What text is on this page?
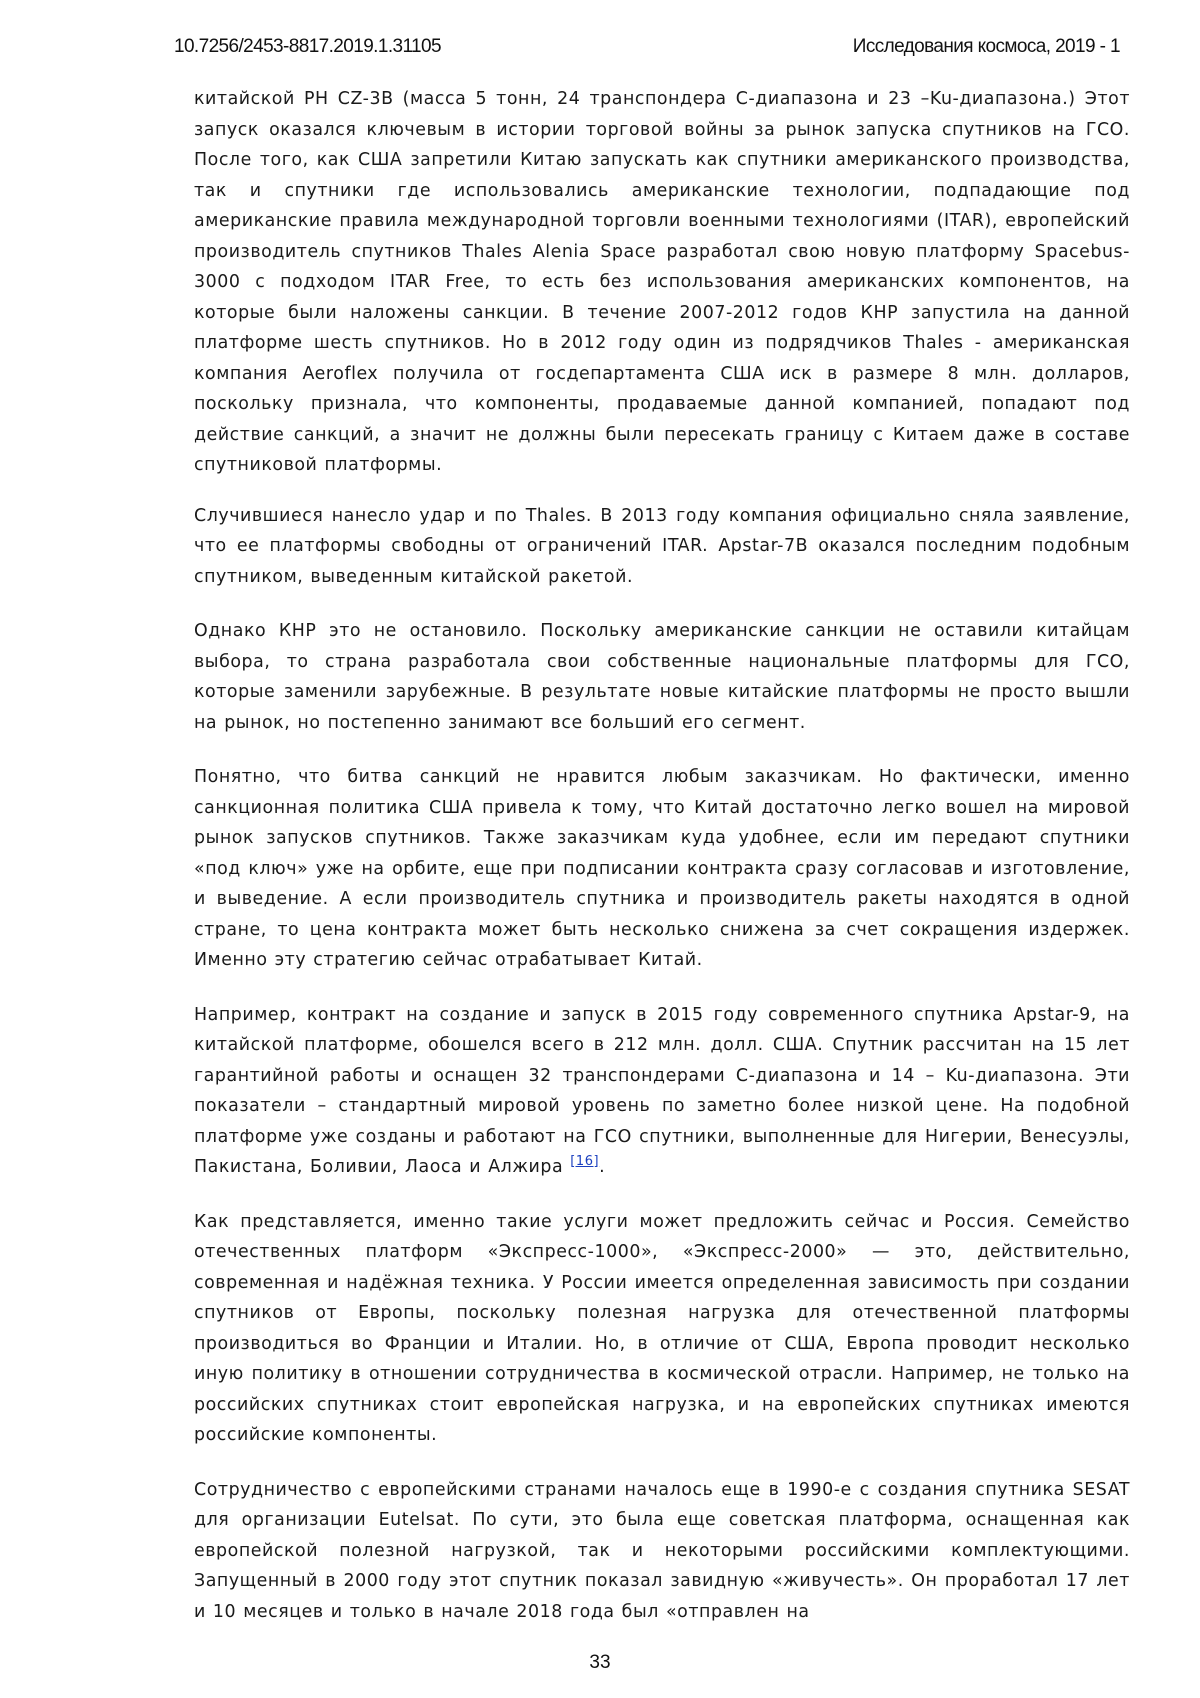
10.7256/2453-8817.2019.1.31105	Исследования космоса, 2019 - 1

китайской РН CZ-3B (масса 5 тонн, 24 транспондера C-диапазона и 23 –Ku-диапазона.) Этот запуск оказался ключевым в истории торговой войны за рынок запуска спутников на ГСО. После того, как США запретили Китаю запускать как спутники американского производства, так и спутники где использовались американские технологии, подпадающие под американские правила международной торговли военными технологиями (ITAR), европейский производитель спутников Thales Alenia Space разработал свою новую платформу Spacebus-3000 с подходом ITAR Free, то есть без использования американских компонентов, на которые были наложены санкции. В течение 2007-2012 годов КНР запустила на данной платформе шесть спутников. Но в 2012 году один из подрядчиков Thales - американская компания Aeroflex получила от госдепартамента США иск в размере 8 млн. долларов, поскольку признала, что компоненты, продаваемые данной компанией, попадают под действие санкций, а значит не должны были пересекать границу с Китаем даже в составе спутниковой платформы.

Случившиеся нанесло удар и по Thales. В 2013 году компания официально сняла заявление, что ее платформы свободны от ограничений ITAR. Apstar-7B оказался последним подобным спутником, выведенным китайской ракетой.

Однако КНР это не остановило. Поскольку американские санкции не оставили китайцам выбора, то страна разработала свои собственные национальные платформы для ГСО, которые заменили зарубежные. В результате новые китайские платформы не просто вышли на рынок, но постепенно занимают все больший его сегмент.

Понятно, что битва санкций не нравится любым заказчикам. Но фактически, именно санкционная политика США привела к тому, что Китай достаточно легко вошел на мировой рынок запусков спутников. Также заказчикам куда удобнее, если им передают спутники «под ключ» уже на орбите, еще при подписании контракта сразу согласовав и изготовление, и выведение. А если производитель спутника и производитель ракеты находятся в одной стране, то цена контракта может быть несколько снижена за счет сокращения издержек. Именно эту стратегию сейчас отрабатывает Китай.

Например, контракт на создание и запуск в 2015 году современного спутника Apstar-9, на китайской платформе, обошелся всего в 212 млн. долл. США. Спутник рассчитан на 15 лет гарантийной работы и оснащен 32 транспондерами C-диапазона и 14 – Ku-диапазона. Эти показатели – стандартный мировой уровень по заметно более низкой цене. На подобной платформе уже созданы и работают на ГСО спутники, выполненные для Нигерии, Венесуэлы, Пакистана, Боливии, Лаоса и Алжира [16].

Как представляется, именно такие услуги может предложить сейчас и Россия. Семейство отечественных платформ «Экспресс-1000», «Экспресс-2000» — это, действительно, современная и надёжная техника. У России имеется определенная зависимость при создании спутников от Европы, поскольку полезная нагрузка для отечественной платформы производиться во Франции и Италии. Но, в отличие от США, Европа проводит несколько иную политику в отношении сотрудничества в космической отрасли. Например, не только на российских спутниках стоит европейская нагрузка, и на европейских спутниках имеются российские компоненты.

Сотрудничество с европейскими странами началось еще в 1990-е с создания спутника SESAT для организации Eutelsat. По сути, это была еще советская платформа, оснащенная как европейской полезной нагрузкой, так и некоторыми российскими комплектующими. Запущенный в 2000 году этот спутник показал завидную «живучесть». Он проработал 17 лет и 10 месяцев и только в начале 2018 года был «отправлен на

33
